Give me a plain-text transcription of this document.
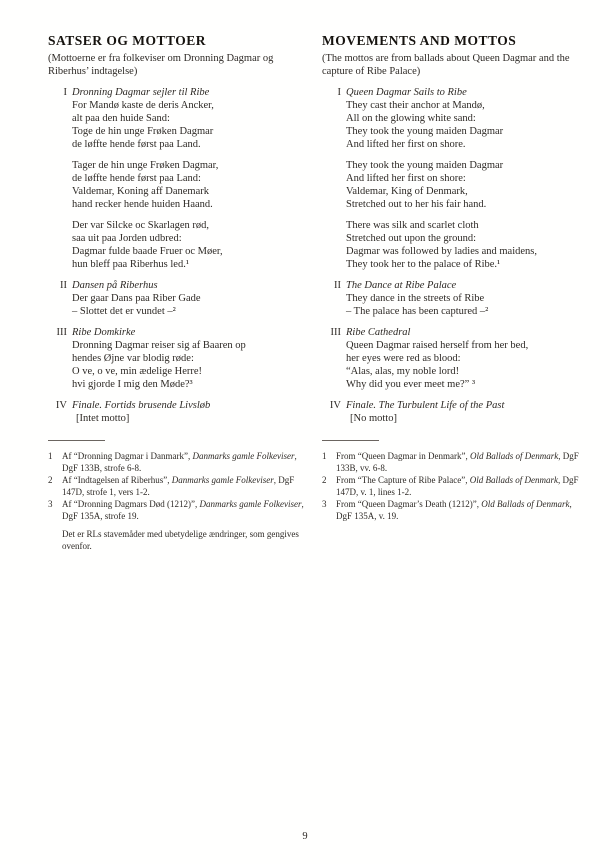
SATSER OG MOTTOER

(Mottoerne er fra folkeviser om Dronning Dagmar og Riberhus’ indtagelse)

I Dronning Dagmar sejler til Ribe

For Mandø kaste de deris Ancker,
alt paa den huide Sand:
Toge de hin unge Frøken Dagmar
de løffte hende først paa Land.

Tager de hin unge Frøken Dagmar,
de løffte hende først paa Land:
Valdemar, Koning aff Danemark
hand recker hende huiden Haand.

Der var Silcke oc Skarlagen rød,
saa uit paa Jorden udbred:
Dagmar fulde baade Fruer oc Møer,
hun bleff paa Riberhus led.¹

II Dansen på Riberhus

Der gaar Dans paa Riber Gade
– Slottet det er vundet –²

III Ribe Domkirke

Dronning Dagmar reiser sig af Baaren op
hendes Øjne var blodig røde:
O ve, o ve, min ædelige Herre!
hvi gjorde I mig den Møde?³

IV Finale. Fortids brusende Livsløb
[Intet motto]
1	Af “Dronning Dagmar i Danmark”, Danmarks gamle Folkeviser, DgF 133B, strofe 6-8.
2	Af “Indtagelsen af Riberhus”, Danmarks gamle Folkeviser, DgF 147D, strofe 1, vers 1-2.
3	Af “Dronning Dagmars Død (1212)”, Danmarks gamle Folkeviser, DgF 135A, strofe 19.

Det er RLs stavemåder med ubetydelige ændringer, som gengives ovenfor.

MOVEMENTS AND MOTTOS

(The mottos are from ballads about Queen Dagmar and the capture of Ribe Palace)

I Queen Dagmar Sails to Ribe

They cast their anchor at Mandø,
All on the glowing white sand:
They took the young maiden Dagmar
And lifted her first on shore.

They took the young maiden Dagmar
And lifted her first on shore:
Valdemar, King of Denmark,
Stretched out to her his fair hand.

There was silk and scarlet cloth
Stretched out upon the ground:
Dagmar was followed by ladies and maidens,
They took her to the palace of Ribe.¹

II The Dance at Ribe Palace

They dance in the streets of Ribe
– The palace has been captured –²

III Ribe Cathedral

Queen Dagmar raised herself from her bed,
her eyes were red as blood:
“Alas, alas, my noble lord!
Why did you ever meet me?” ³

IV Finale. The Turbulent Life of the Past
[No motto]
1	From “Queen Dagmar in Denmark”, Old Ballads of Denmark, DgF 133B, vv. 6-8.
2	From “The Capture of Ribe Palace”, Old Ballads of Denmark, DgF 147D, v. 1, lines 1-2.
3	From “Queen Dagmar’s Death (1212)”, Old Ballads of Denmark, DgF 135A, v. 19.
9
